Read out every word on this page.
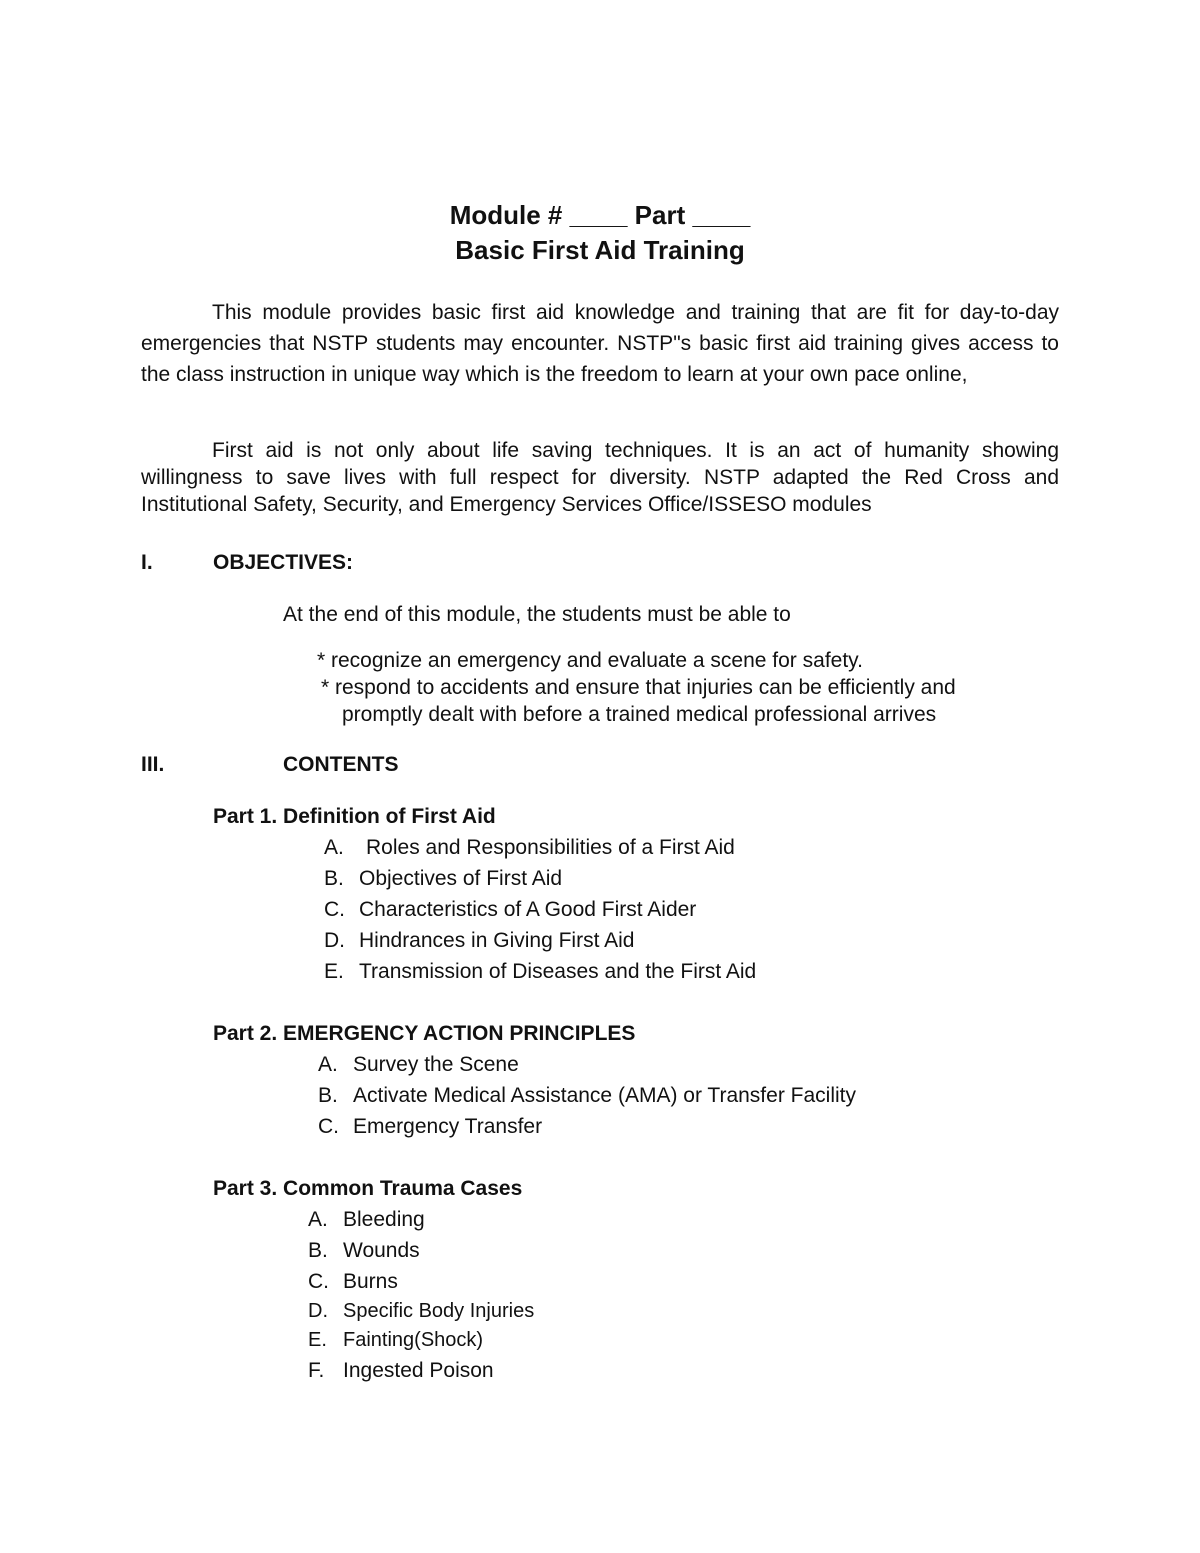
Module # ____ Part ____
Basic First Aid Training

This module provides basic first aid knowledge and training that are fit for day-to-day emergencies that NSTP students may encounter. NSTP"s basic first aid training gives access to the class instruction in unique way which is the freedom to learn at your own pace online,

First aid is not only about life saving techniques. It is an act of humanity showing willingness to save lives with full respect for diversity. NSTP adapted the Red Cross and Institutional Safety, Security, and Emergency Services Office/ISSESO modules

I.	OBJECTIVES:
At the end of this module, the students must be able to
* recognize an emergency and evaluate a scene for safety.
* respond to accidents and ensure that injuries can be efficiently and
promptly dealt with before a trained medical professional arrives
III.	CONTENTS
Part 1. Definition of First Aid
A. Roles and Responsibilities of a First Aid
B. Objectives of First Aid
C. Characteristics of A Good First Aider
D. Hindrances in Giving First Aid
E. Transmission of Diseases and the First Aid
Part 2. EMERGENCY ACTION PRINCIPLES
A. Survey the Scene
B. Activate Medical Assistance (AMA) or Transfer Facility
C. Emergency Transfer
Part 3. Common Trauma Cases
A. Bleeding
B. Wounds
C. Burns
D. Specific Body Injuries
E. Fainting(Shock)
F. Ingested Poison
